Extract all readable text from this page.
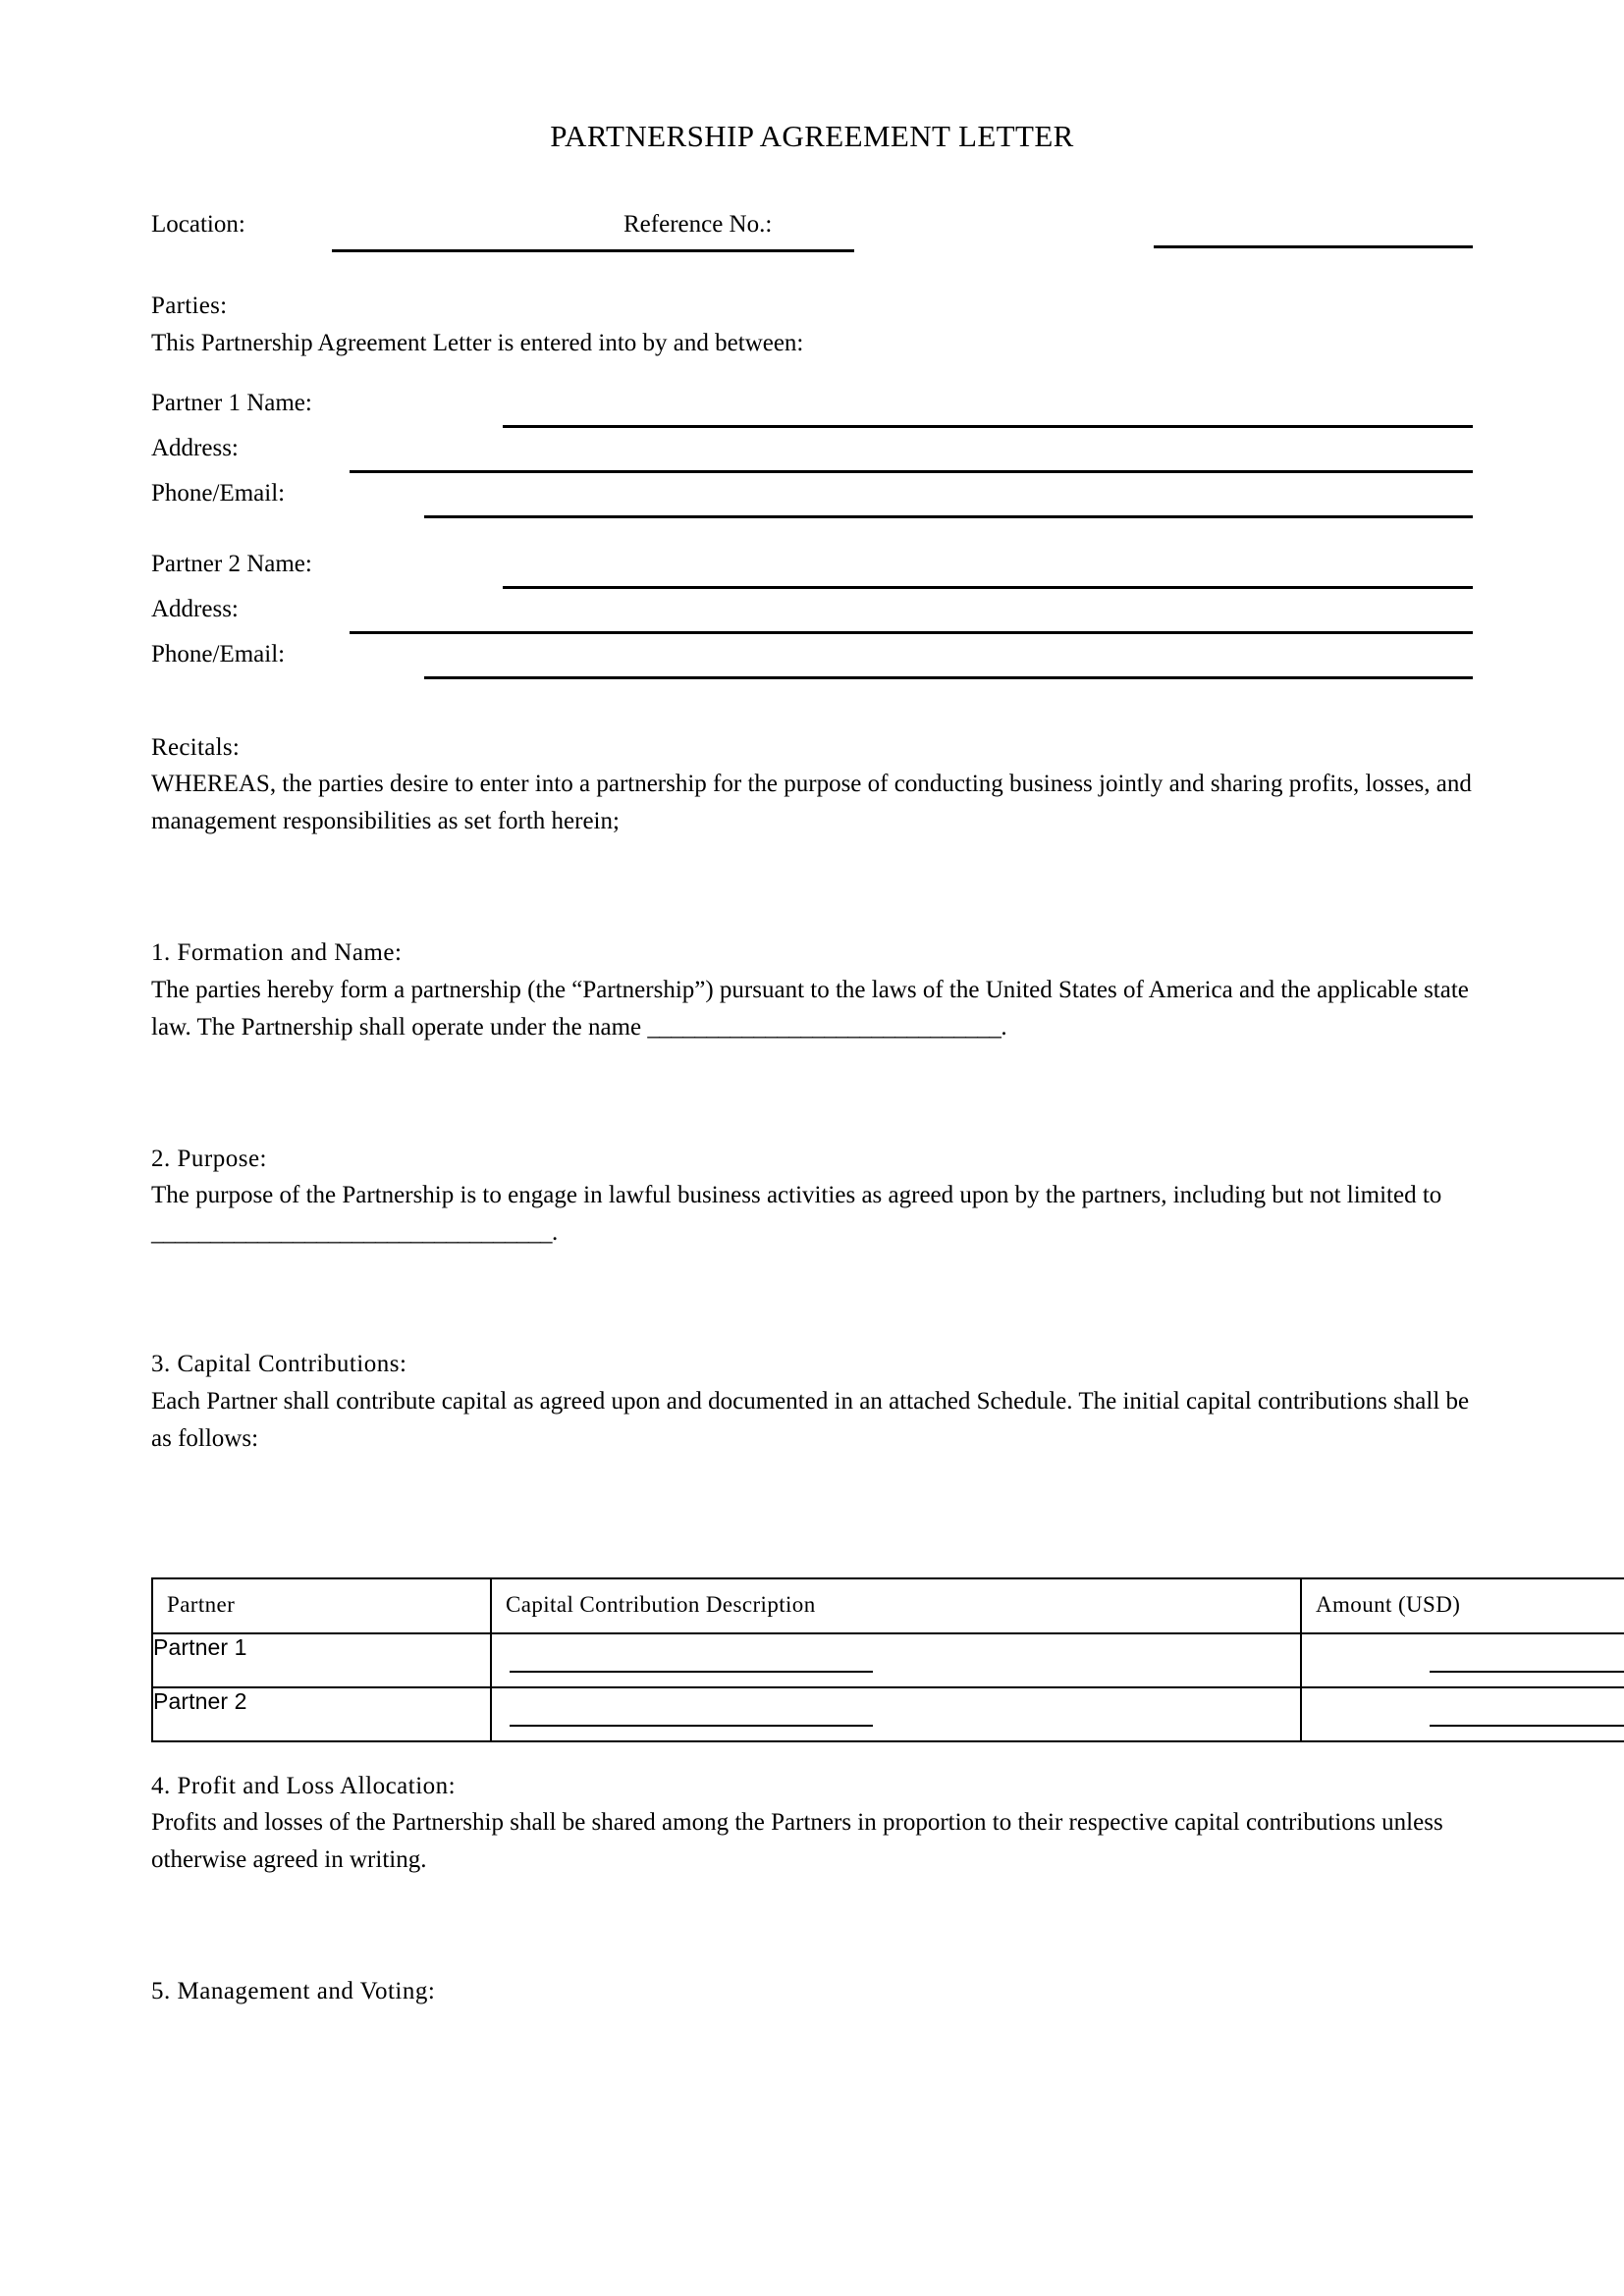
PARTNERSHIP AGREEMENT LETTER
Location:	Reference No.:

Parties:

This Partnership Agreement Letter is entered into by and between:

Partner 1 Name:
Address:
Phone/Email:
Partner 2 Name:
Address:
Phone/Email:

Recitals:

WHEREAS, the parties desire to enter into a partnership for the purpose of conducting business jointly and sharing profits, losses, and management responsibilities as set forth herein;

1. Formation and Name:

The parties hereby form a partnership (the “Partnership”) pursuant to the laws of the United States of America and the applicable state law. The Partnership shall operate under the name ______________________________.

2. Purpose:

The purpose of the Partnership is to engage in lawful business activities as agreed upon by the partners, including but not limited to __________________________________.

3. Capital Contributions:

Each Partner shall contribute capital as agreed upon and documented in an attached Schedule. The initial capital contributions shall be as follows:

Partner	Capital Contribution Description	Amount (USD)
Partner 1	

Partner 2	

4. Profit and Loss Allocation:

Profits and losses of the Partnership shall be shared among the Partners in proportion to their respective capital contributions unless otherwise agreed in writing.

5. Management and Voting:
